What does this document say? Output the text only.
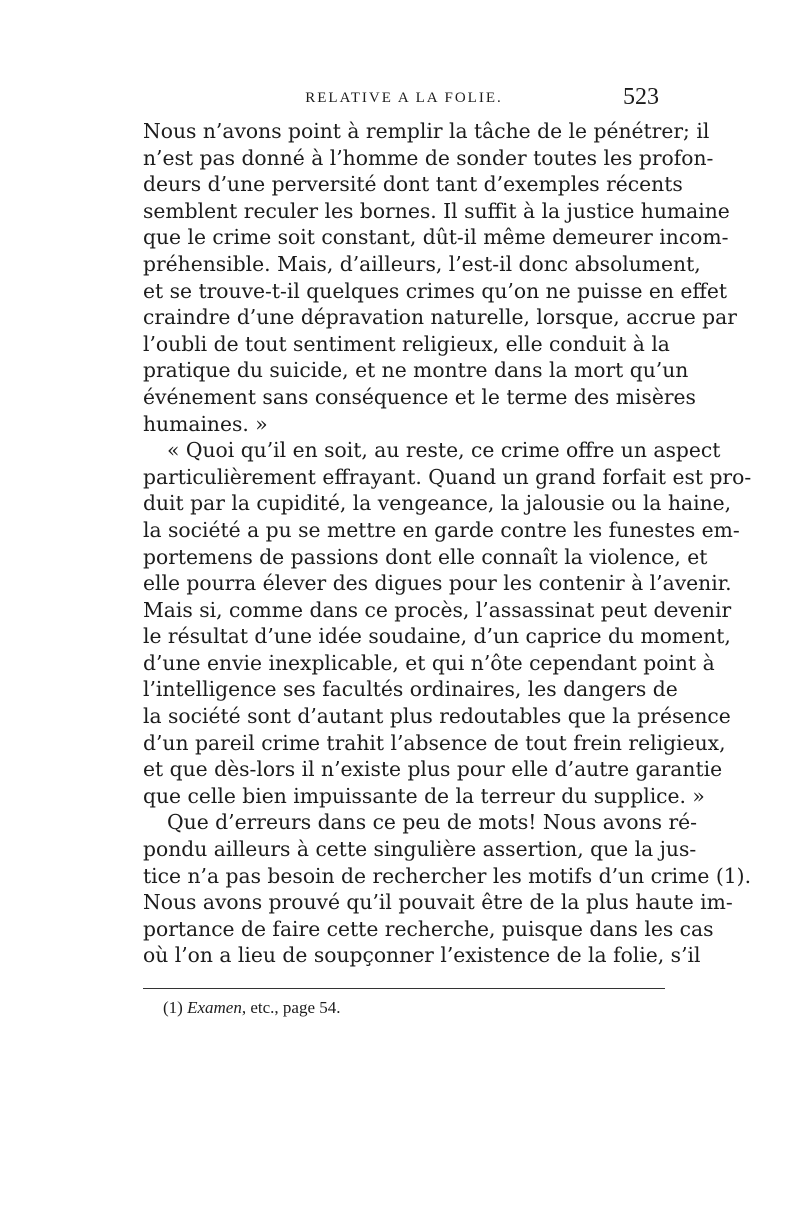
RELATIVE A LA FOLIE.	523
Nous n’avons point à remplir la tâche de le pénétrer; il
n’est pas donné à l’homme de sonder toutes les profon-
deurs d’une perversité dont tant d’exemples récents
semblent reculer les bornes. Il suffit à la justice humaine
que le crime soit constant, dût-il même demeurer incom-
préhensible. Mais, d’ailleurs, l’est-il donc absolument,
et se trouve-t-il quelques crimes qu’on ne puisse en effet
craindre d’une dépravation naturelle, lorsque, accrue par
l’oubli de tout sentiment religieux, elle conduit à la
pratique du suicide, et ne montre dans la mort qu’un
événement sans conséquence et le terme des misères
humaines. »
« Quoi qu’il en soit, au reste, ce crime offre un aspect
particulièrement effrayant. Quand un grand forfait est pro-
duit par la cupidité, la vengeance, la jalousie ou la haine,
la société a pu se mettre en garde contre les funestes em-
portemens de passions dont elle connaît la violence, et
elle pourra élever des digues pour les contenir à l’avenir.
Mais si, comme dans ce procès, l’assassinat peut devenir
le résultat d’une idée soudaine, d’un caprice du moment,
d’une envie inexplicable, et qui n’ôte cependant point à
l’intelligence ses facultés ordinaires, les dangers de
la société sont d’autant plus redoutables que la présence
d’un pareil crime trahit l’absence de tout frein religieux,
et que dès-lors il n’existe plus pour elle d’autre garantie
que celle bien impuissante de la terreur du supplice. »
Que d’erreurs dans ce peu de mots! Nous avons ré-
pondu ailleurs à cette singulière assertion, que la jus-
tice n’a pas besoin de rechercher les motifs d’un crime (1).
Nous avons prouvé qu’il pouvait être de la plus haute im-
portance de faire cette recherche, puisque dans les cas
où l’on a lieu de soupçonner l’existence de la folie, s’il
(1) Examen, etc., page 54.
